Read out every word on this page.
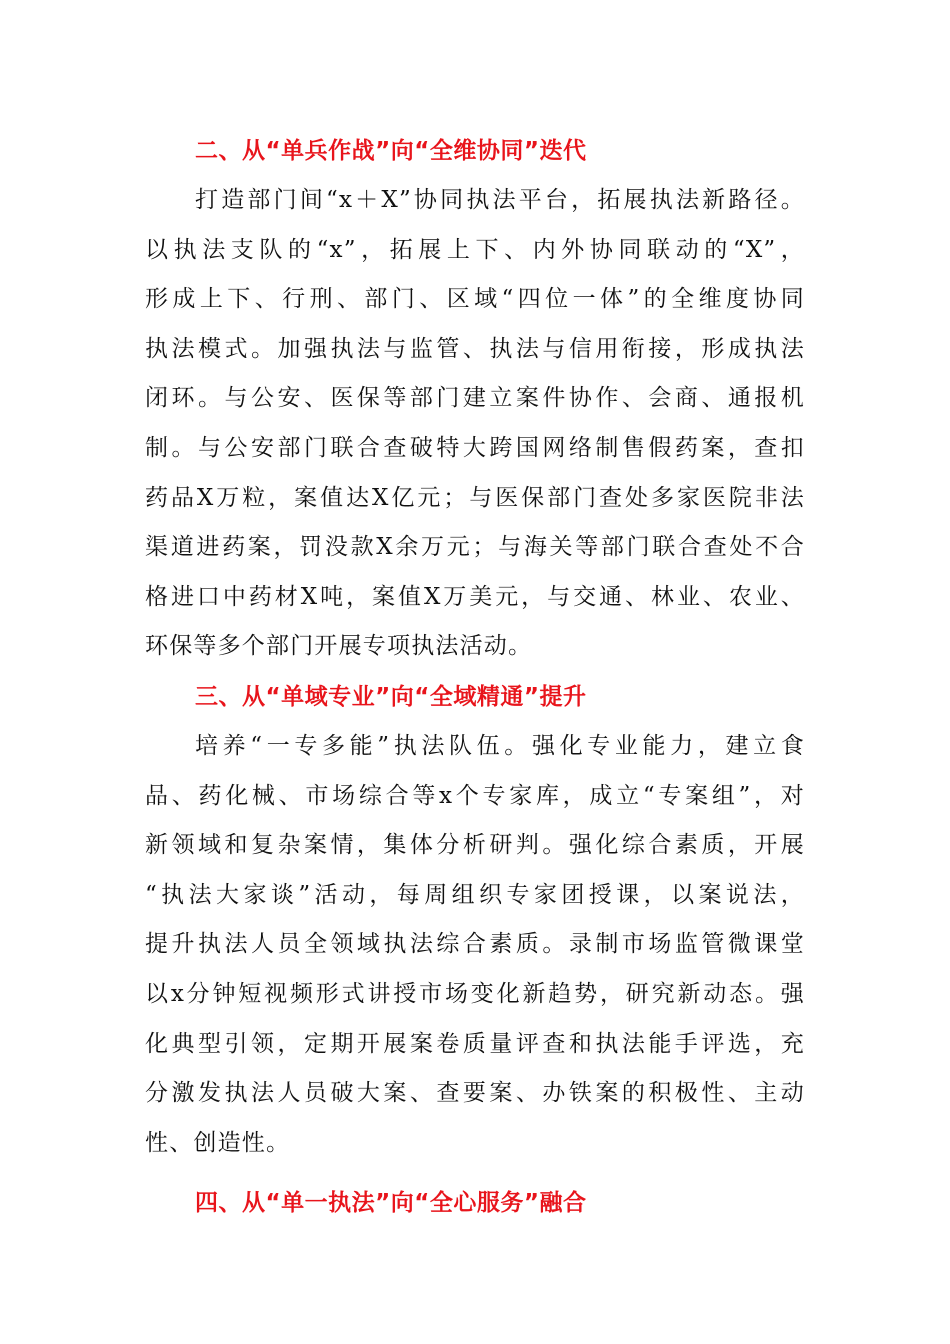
二、从“单兵作战”向“全维协同”迭代
打造部门间“x＋X”协同执法平台，拓展执法新路径。
以执法支队的“x”，拓展上下、内外协同联动的“X”，
形成上下、行刑、部门、区域“四位一体”的全维度协同
执法模式。加强执法与监管、执法与信用衔接，形成执法
闭环。与公安、医保等部门建立案件协作、会商、通报机
制。与公安部门联合查破特大跨国网络制售假药案，查扣
药品X万粒，案值达X亿元；与医保部门查处多家医院非法
渠道进药案，罚没款X余万元；与海关等部门联合查处不合
格进口中药材X吨，案值X万美元，与交通、林业、农业、
环保等多个部门开展专项执法活动。
三、从“单域专业”向“全域精通”提升
培养“一专多能”执法队伍。强化专业能力，建立食
品、药化械、市场综合等x个专家库，成立“专案组”，对
新领域和复杂案情，集体分析研判。强化综合素质，开展
“执法大家谈”活动，每周组织专家团授课，以案说法，
提升执法人员全领域执法综合素质。录制市场监管微课堂
以x分钟短视频形式讲授市场变化新趋势，研究新动态。强
化典型引领，定期开展案卷质量评查和执法能手评选，充
分激发执法人员破大案、查要案、办铁案的积极性、主动
性、创造性。
四、从“单一执法”向“全心服务”融合
